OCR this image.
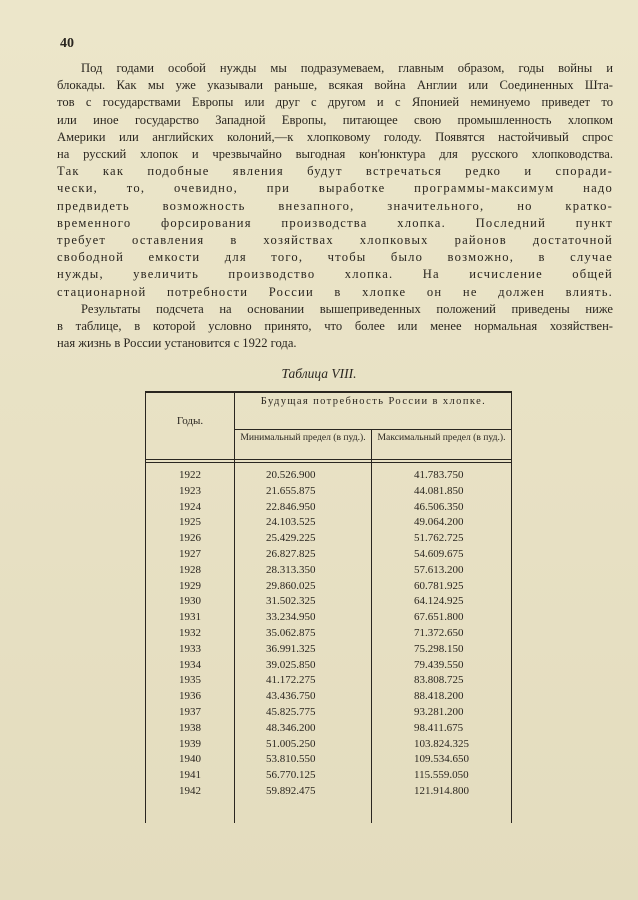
40
Под годами особой нужды мы подразумеваем, главным образом, годы войны и
блокады. Как мы уже указывали раньше, всякая война Англии или Соединенных Шта-
тов с государствами Европы или друг с другом и с Японией неминуемо приведет то
или иное государство Западной Европы, питающее свою промышленность хлопком
Америки или английских колоний,—к хлопковому голоду. Появятся настойчивый спрос
на русский хлопок и чрезвычайно выгодная кон'юнктура для русского хлопководства.
Так как подобные явления будут встречаться редко и споради-
чески, то, очевидно, при выработке программы-максимум надо
предвидеть возможность внезапного, значительного, но кратко-
временного форсирования производства хлопка. Последний пункт
требует оставления в хозяйствах хлопковых районов достаточной
свободной емкости для того, чтобы было возможно, в случае
нужды, увеличить производство хлопка. На исчисление общей
стационарной потребности России в хлопке он не должен влиять.
Результаты подсчета на основании вышеприведенных положений приведены ниже
в таблице, в которой условно принято, что более или менее нормальная хозяйствен-
ная жизнь в России установится с 1922 года.
Таблица VIII.
Годы.
Будущая потребность России в хлопке.
Минимальный предел (в пуд.).	Максимальный предел (в пуд.).
1922	20.526.900	41.783.750
1923	21.655.875	44.081.850
1924	22.846.950	46.506.350
1925	24.103.525	49.064.200
1926	25.429.225	51.762.725
1927	26.827.825	54.609.675
1928	28.313.350	57.613.200
1929	29.860.025	60.781.925
1930	31.502.325	64.124.925
1931	33.234.950	67.651.800
1932	35.062.875	71.372.650
1933	36.991.325	75.298.150
1934	39.025.850	79.439.550
1935	41.172.275	83.808.725
1936	43.436.750	88.418.200
1937	45.825.775	93.281.200
1938	48.346.200	98.411.675
1939	51.005.250	103.824.325
1940	53.810.550	109.534.650
1941	56.770.125	115.559.050
1942	59.892.475	121.914.800
